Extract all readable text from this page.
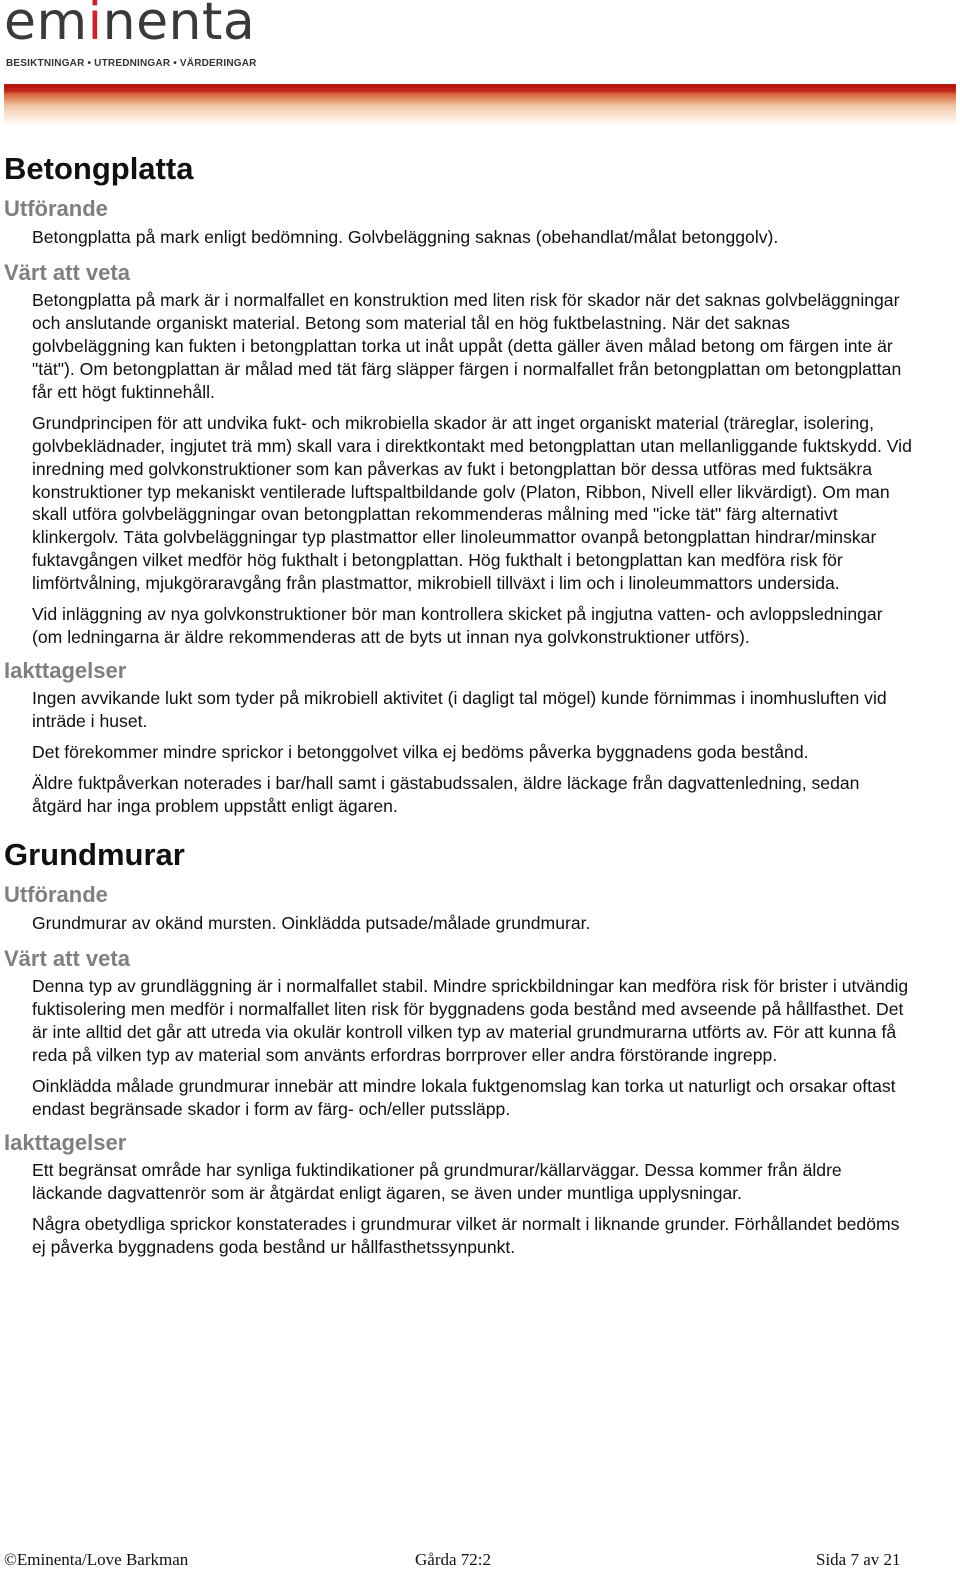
eminenta
BESIKTNINGAR • UTREDNINGAR • VÄRDERINGAR
Betongplatta
Utförande

Betongplatta på mark enligt bedömning. Golvbeläggning saknas (obehandlat/målat betonggolv).

Värt att veta

Betongplatta på mark är i normalfallet en konstruktion med liten risk för skador när det saknas golvbeläggningar och anslutande organiskt material. Betong som material tål en hög fuktbelastning. När det saknas golvbeläggning kan fukten i betongplattan torka ut inåt uppåt (detta gäller även målad betong om färgen inte är "tät"). Om betongplattan är målad med tät färg släpper färgen i normalfallet från betongplattan om betongplattan får ett högt fuktinnehåll.

Grundprincipen för att undvika fukt- och mikrobiella skador är att inget organiskt material (träreglar, isolering, golvbeklädnader, ingjutet trä mm) skall vara i direktkontakt med betongplattan utan mellanliggande fuktskydd. Vid inredning med golvkonstruktioner som kan påverkas av fukt i betongplattan bör dessa utföras med fuktsäkra konstruktioner typ mekaniskt ventilerade luftspaltbildande golv (Platon, Ribbon, Nivell eller likvärdigt). Om man skall utföra golvbeläggningar ovan betongplattan rekommenderas målning med "icke tät" färg alternativt klinkergolv. Täta golvbeläggningar typ plastmattor eller linoleummattor ovanpå betongplattan hindrar/minskar fuktavgången vilket medför hög fukthalt i betongplattan. Hög fukthalt i betongplattan kan medföra risk för limförtvålning, mjukgöraravgång från plastmattor, mikrobiell tillväxt i lim och i linoleummattors undersida.

Vid inläggning av nya golvkonstruktioner bör man kontrollera skicket på ingjutna vatten- och avloppsledningar (om ledningarna är äldre rekommenderas att de byts ut innan nya golvkonstruktioner utförs).

Iakttagelser

Ingen avvikande lukt som tyder på mikrobiell aktivitet (i dagligt tal mögel) kunde förnimmas i inomhusluften vid inträde i huset.

Det förekommer mindre sprickor i betonggolvet vilka ej bedöms påverka byggnadens goda bestånd.

Äldre fuktpåverkan noterades i bar/hall samt i gästabudssalen, äldre läckage från dagvattenledning, sedan åtgärd har inga problem uppstått enligt ägaren.

Grundmurar
Utförande

Grundmurar av okänd mursten. Oinklädda putsade/målade grundmurar.

Värt att veta

Denna typ av grundläggning är i normalfallet stabil. Mindre sprickbildningar kan medföra risk för brister i utvändig fuktisolering men medför i normalfallet liten risk för byggnadens goda bestånd med avseende på hållfasthet. Det är inte alltid det går att utreda via okulär kontroll vilken typ av material grundmurarna utförts av. För att kunna få reda på vilken typ av material som använts erfordras borrprover eller andra förstörande ingrepp.

Oinklädda målade grundmurar innebär att mindre lokala fuktgenomslag kan torka ut naturligt och orsakar oftast endast begränsade skador i form av färg- och/eller putssläpp.

Iakttagelser

Ett begränsat område har synliga fuktindikationer på grundmurar/källarväggar. Dessa kommer från äldre läckande dagvattenrör som är åtgärdat enligt ägaren, se även under muntliga upplysningar.

Några obetydliga sprickor konstaterades i grundmurar vilket är normalt i liknande grunder. Förhållandet bedöms ej påverka byggnadens goda bestånd ur hållfasthetssynpunkt.

©Eminenta/Love Barkman	Gårda 72:2	Sida 7 av 21
